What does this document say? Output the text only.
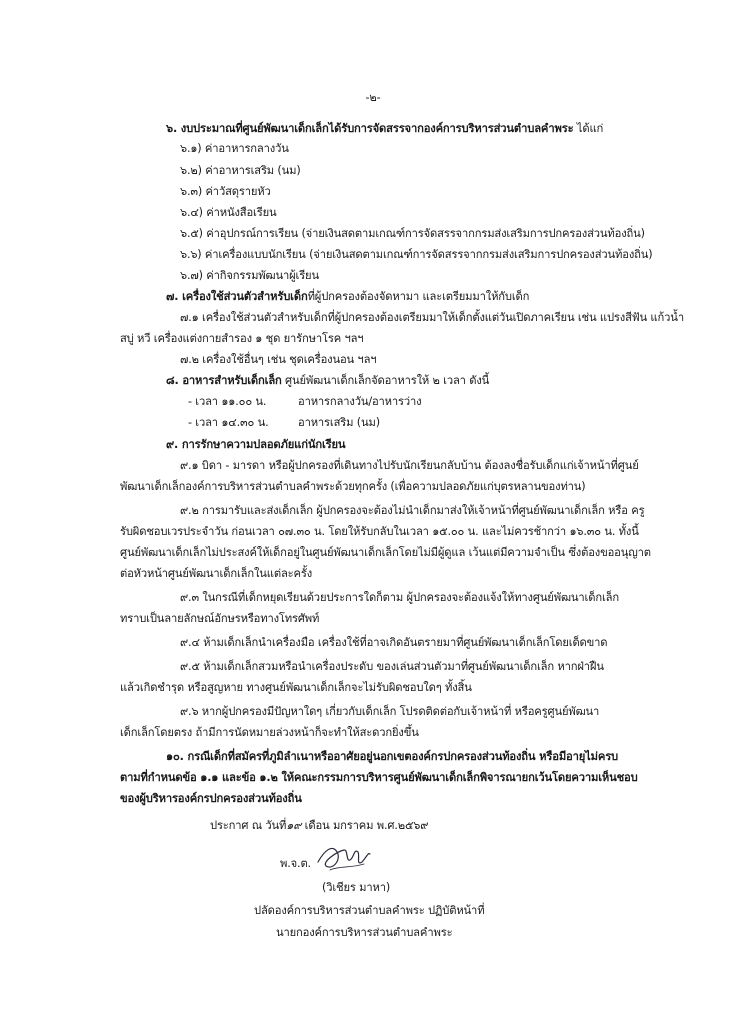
-๒-
๖. งบประมาณที่ศูนย์พัฒนาเด็กเล็กได้รับการจัดสรรจากองค์การบริหารส่วนตำบลคำพระ ได้แก่
๖.๑) ค่าอาหารกลางวัน
๖.๒) ค่าอาหารเสริม (นม)
๖.๓) ค่าวัสดุรายหัว
๖.๔) ค่าหนังสือเรียน
๖.๕) ค่าอุปกรณ์การเรียน (จ่ายเงินสดตามเกณฑ์การจัดสรรจากกรมส่งเสริมการปกครองส่วนท้องถิ่น)
๖.๖) ค่าเครื่องแบบนักเรียน (จ่ายเงินสดตามเกณฑ์การจัดสรรจากกรมส่งเสริมการปกครองส่วนท้องถิ่น)
๖.๗) ค่ากิจกรรมพัฒนาผู้เรียน
๗. เครื่องใช้ส่วนตัวสำหรับเด็กที่ผู้ปกครองต้องจัดหามา และเตรียมมาให้กับเด็ก
๗.๑ เครื่องใช้ส่วนตัวสำหรับเด็กที่ผู้ปกครองต้องเตรียมมาให้เด็กตั้งแต่วันเปิดภาคเรียน เช่น แปรงสีฟัน แก้วน้ำ
สบู่ หวี เครื่องแต่งกายสำรอง ๑ ชุด ยารักษาโรค ฯลฯ
๗.๒ เครื่องใช้อื่นๆ เช่น ชุดเครื่องนอน ฯลฯ
๘. อาหารสำหรับเด็กเล็ก ศูนย์พัฒนาเด็กเล็กจัดอาหารให้ ๒ เวลา ดังนี้
- เวลา ๑๑.๐๐ น.	อาหารกลางวัน/อาหารว่าง
- เวลา ๑๔.๓๐ น.	อาหารเสริม (นม)
๙. การรักษาความปลอดภัยแก่นักเรียน
๙.๑ บิดา - มารดา หรือผู้ปกครองที่เดินทางไปรับนักเรียนกลับบ้าน ต้องลงชื่อรับเด็กแก่เจ้าหน้าที่ศูนย์
พัฒนาเด็กเล็กองค์การบริหารส่วนตำบลคำพระด้วยทุกครั้ง (เพื่อความปลอดภัยแก่บุตรหลานของท่าน)
๙.๒ การมารับและส่งเด็กเล็ก ผู้ปกครองจะต้องไม่นำเด็กมาส่งให้เจ้าหน้าที่ศูนย์พัฒนาเด็กเล็ก หรือ ครู
รับผิดชอบเวรประจำวัน ก่อนเวลา ๐๗.๓๐ น. โดยให้รับกลับในเวลา ๑๕.๐๐ น. และไม่ควรช้ากว่า ๑๖.๓๐ น. ทั้งนี้
ศูนย์พัฒนาเด็กเล็กไม่ประสงค์ให้เด็กอยู่ในศูนย์พัฒนาเด็กเล็กโดยไม่มีผู้ดูแล เว้นแต่มีความจำเป็น ซึ่งต้องขออนุญาต
ต่อหัวหน้าศูนย์พัฒนาเด็กเล็กในแต่ละครั้ง
๙.๓ ในกรณีที่เด็กหยุดเรียนด้วยประการใดก็ตาม ผู้ปกครองจะต้องแจ้งให้ทางศูนย์พัฒนาเด็กเล็ก
ทราบเป็นลายลักษณ์อักษรหรือทางโทรศัพท์
๙.๔ ห้ามเด็กเล็กนำเครื่องมือ เครื่องใช้ที่อาจเกิดอันตรายมาที่ศูนย์พัฒนาเด็กเล็กโดยเด็ดขาด
๙.๕ ห้ามเด็กเล็กสวมหรือนำเครื่องประดับ ของเล่นส่วนตัวมาที่ศูนย์พัฒนาเด็กเล็ก หากฝ่าฝืน
แล้วเกิดชำรุด หรือสูญหาย ทางศูนย์พัฒนาเด็กเล็กจะไม่รับผิดชอบใดๆ ทั้งสิ้น
๙.๖ หากผู้ปกครองมีปัญหาใดๆ เกี่ยวกับเด็กเล็ก โปรดติดต่อกับเจ้าหน้าที่ หรือครูศูนย์พัฒนา
เด็กเล็กโดยตรง ถ้ามีการนัดหมายล่วงหน้าก็จะทำให้สะดวกยิ่งขึ้น
๑๐. กรณีเด็กที่สมัครที่ภูมิลำเนาหรืออาศัยอยู่นอกเขตองค์กรปกครองส่วนท้องถิ่น หรือมีอายุไม่ครบ
ตามที่กำหนดข้อ ๑.๑ และข้อ ๑.๒ ให้คณะกรรมการบริหารศูนย์พัฒนาเด็กเล็กพิจารณายกเว้นโดยความเห็นชอบ
ของผู้บริหารองค์กรปกครองส่วนท้องถิ่น
ประกาศ ณ วันที่๑๙ เดือน มกราคม พ.ศ.๒๕๖๙
พ.จ.ต.
(วิเชียร มาหา)
ปลัดองค์การบริหารส่วนตำบลคำพระ ปฏิบัติหน้าที่
นายกองค์การบริหารส่วนตำบลคำพระ
